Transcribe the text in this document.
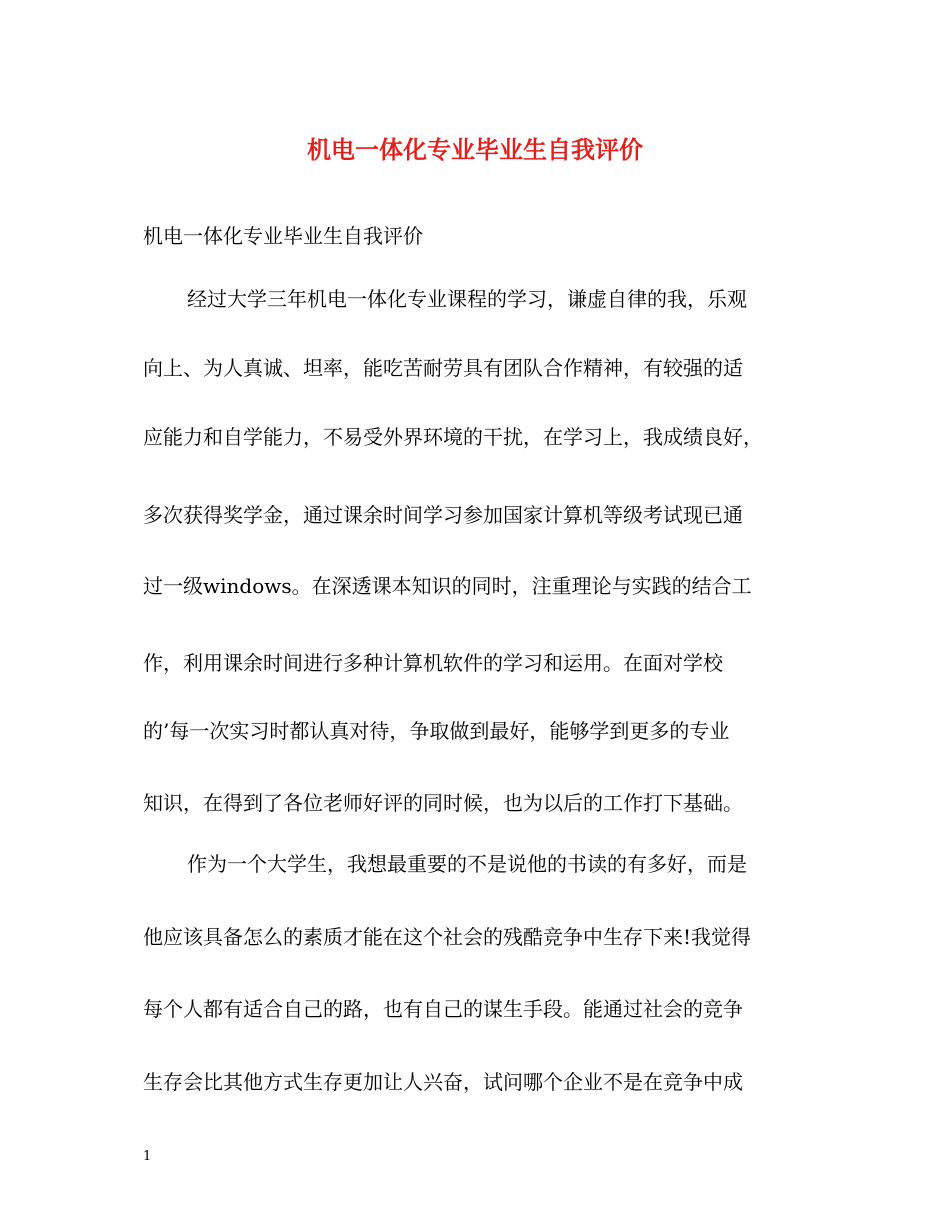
机电一体化专业毕业生自我评价
机电一体化专业毕业生自我评价
经过大学三年机电一体化专业课程的学习，谦虚自律的我，乐观
向上、为人真诚、坦率，能吃苦耐劳具有团队合作精神，有较强的适
应能力和自学能力，不易受外界环境的干扰，在学习上，我成绩良好，
多次获得奖学金，通过课余时间学习参加国家计算机等级考试现已通
过一级windows。在深透课本知识的同时，注重理论与实践的结合工
作，利用课余时间进行多种计算机软件的学习和运用。在面对学校
的’每一次实习时都认真对待，争取做到最好，能够学到更多的专业
知识，在得到了各位老师好评的同时候，也为以后的工作打下基础。
作为一个大学生，我想最重要的不是说他的书读的有多好，而是
他应该具备怎么的素质才能在这个社会的残酷竞争中生存下来!我觉得
每个人都有适合自己的路，也有自己的谋生手段。能通过社会的竞争
生存会比其他方式生存更加让人兴奋，试问哪个企业不是在竞争中成
1
